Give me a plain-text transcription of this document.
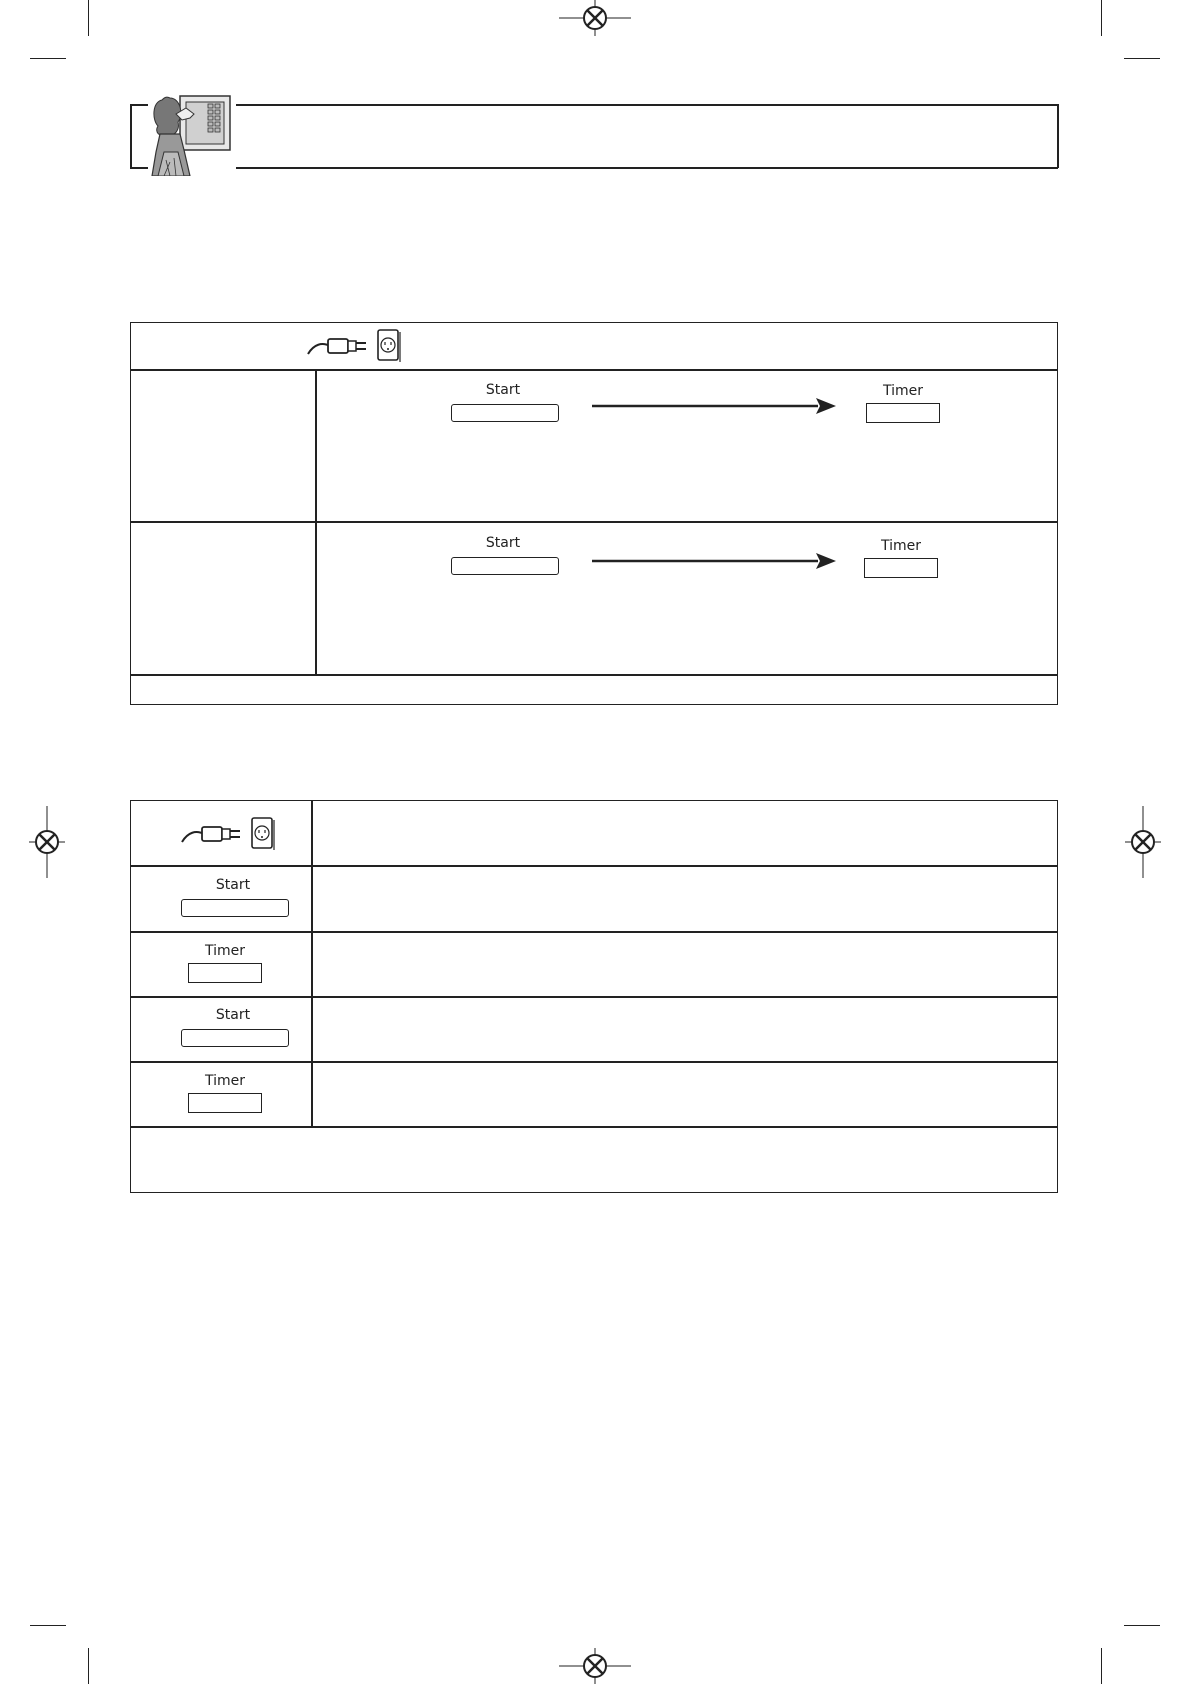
Start	Timer
Start	Timer
Start
Timer
Start
Timer
